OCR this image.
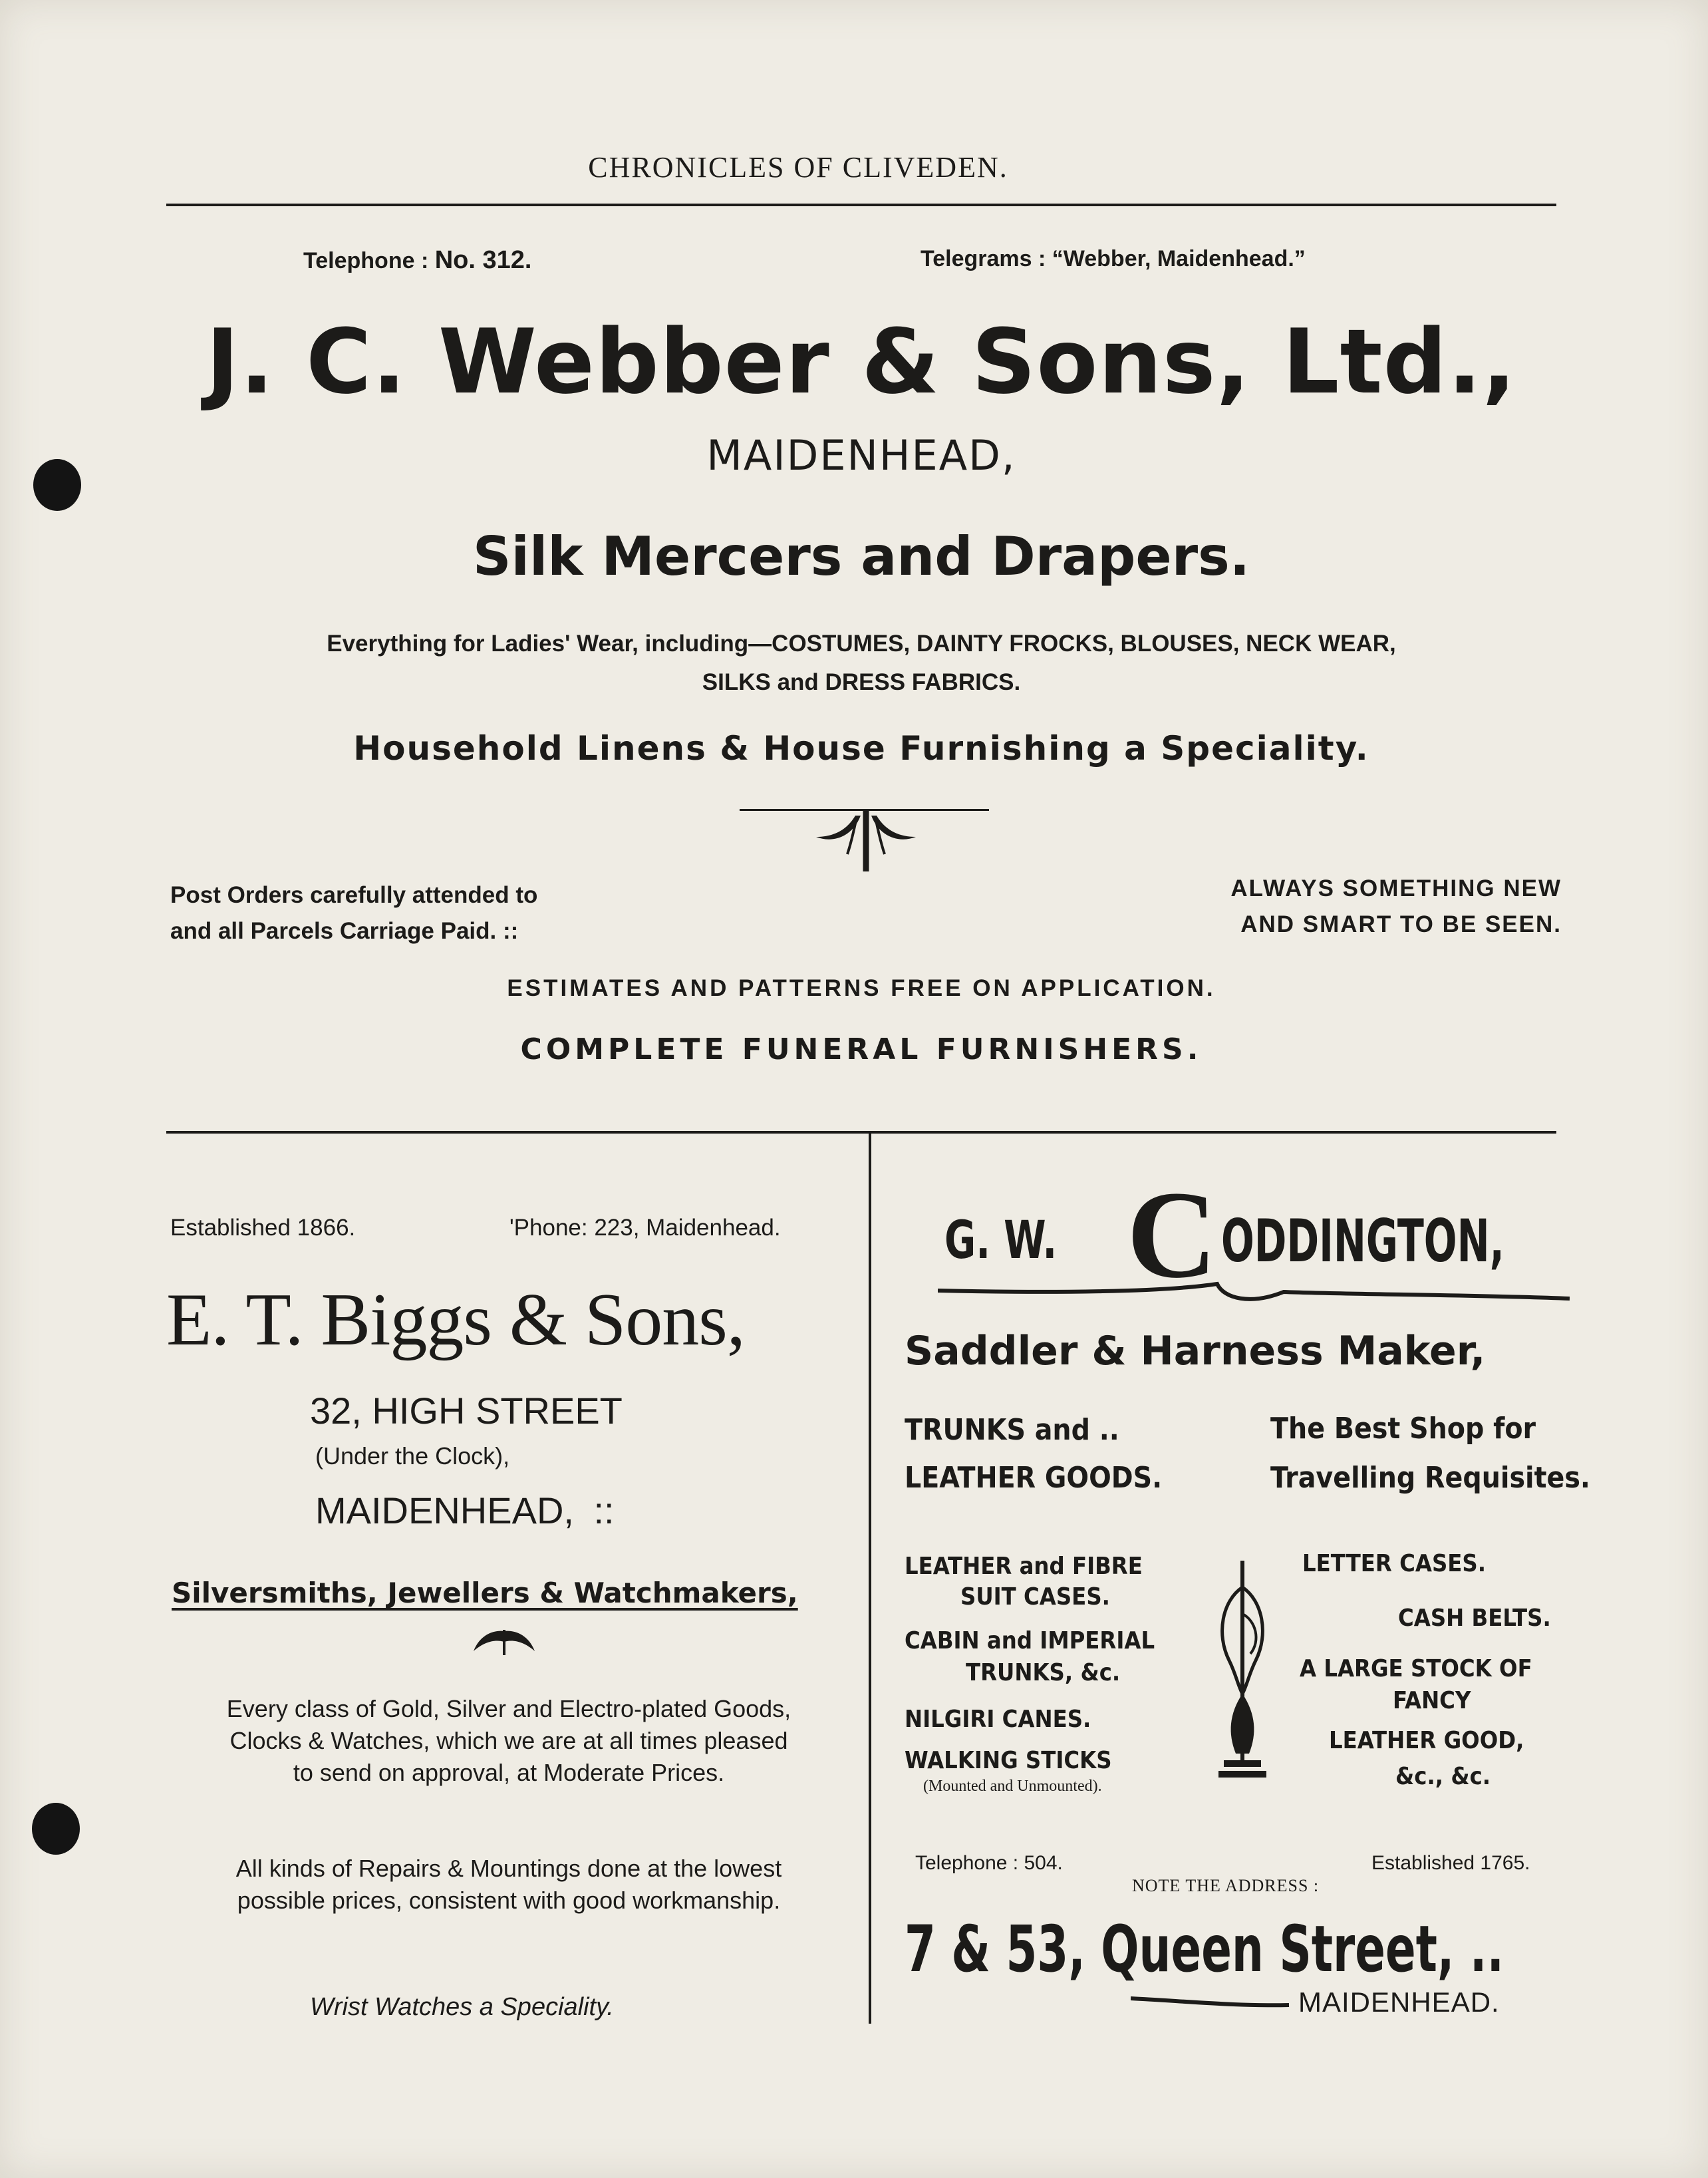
CHRONICLES OF CLIVEDEN.
Telephone : No. 312.	Telegrams : “Webber, Maidenhead.”
J. C. Webber & Sons, Ltd.,
MAIDENHEAD,
Silk Mercers and Drapers.
Everything for Ladies' Wear, including—COSTUMES, DAINTY FROCKS, BLOUSES, NECK WEAR,
SILKS and DRESS FABRICS.
Household Linens & House Furnishing a Speciality.
Post Orders carefully attended to
and all Parcels Carriage Paid. ::
ALWAYS SOMETHING NEW
AND SMART TO BE SEEN.
ESTIMATES AND PATTERNS FREE ON APPLICATION.
COMPLETE FUNERAL FURNISHERS.
Established 1866.	'Phone: 223, Maidenhead.
E. T. Biggs & Sons,
32, HIGH STREET
(Under the Clock),
MAIDENHEAD, ::
Silversmiths, Jewellers & Watchmakers,
Every class of Gold, Silver and Electro-plated Goods,
Clocks & Watches, which we are at all times pleased
to send on approval, at Moderate Prices.
All kinds of Repairs & Mountings done at the lowest
possible prices, consistent with good workmanship.
Wrist Watches a Speciality.
G. W. C ODDINGTON,
Saddler & Harness Maker,
TRUNKS and ..
LEATHER GOODS.
The Best Shop for
Travelling Requisites.
LEATHER and FIBRE
SUIT CASES.
CABIN and IMPERIAL
TRUNKS, &c.
NILGIRI CANES.
WALKING STICKS
(Mounted and Unmounted).
LETTER CASES.
CASH BELTS.
A LARGE STOCK OF
FANCY
LEATHER GOOD,
&c., &c.
Telephone : 504.	Established 1765.
NOTE THE ADDRESS :
7 & 53, Queen Street, ..
MAIDENHEAD.
